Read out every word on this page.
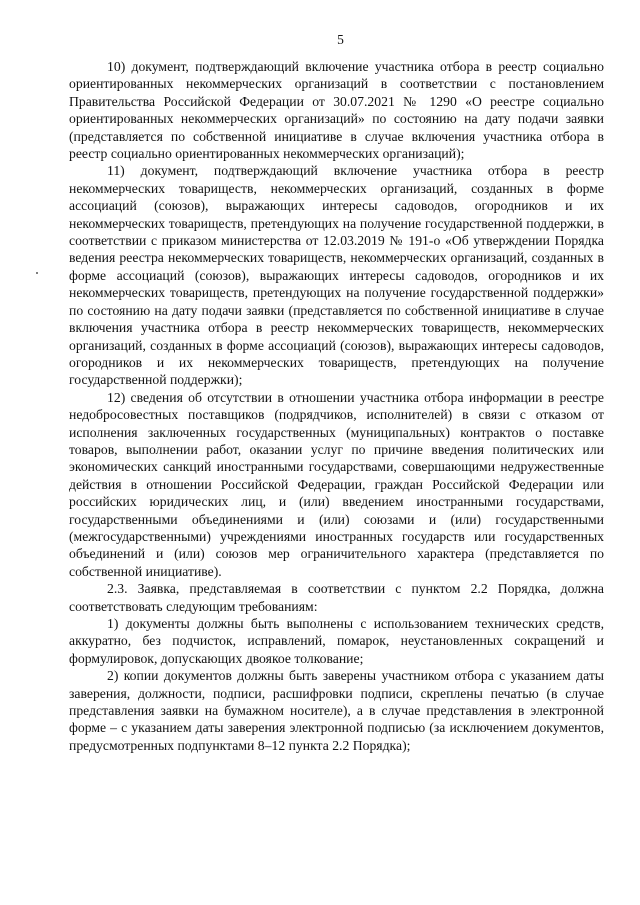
5

10) документ, подтверждающий включение участника отбора в реестр социально ориентированных некоммерческих организаций в соответствии с постановлением Правительства Российской Федерации от 30.07.2021 № 1290 «О реестре социально ориентированных некоммерческих организаций» по состоянию на дату подачи заявки (представляется по собственной инициативе в случае включения участника отбора в реестр социально ориентированных некоммерческих организаций);

11) документ, подтверждающий включение участника отбора в реестр некоммерческих товариществ, некоммерческих организаций, созданных в форме ассоциаций (союзов), выражающих интересы садоводов, огородников и их некоммерческих товариществ, претендующих на получение государственной поддержки, в соответствии с приказом министерства от 12.03.2019 № 191-о «Об утверждении Порядка ведения реестра некоммерческих товариществ, некоммерческих организаций, созданных в форме ассоциаций (союзов), выражающих интересы садоводов, огородников и их некоммерческих товариществ, претендующих на получение государственной поддержки» по состоянию на дату подачи заявки (представляется по собственной инициативе в случае включения участника отбора в реестр некоммерческих товариществ, некоммерческих организаций, созданных в форме ассоциаций (союзов), выражающих интересы садоводов, огородников и их некоммерческих товариществ, претендующих на получение государственной поддержки);

12) сведения об отсутствии в отношении участника отбора информации в реестре недобросовестных поставщиков (подрядчиков, исполнителей) в связи с отказом от исполнения заключенных государственных (муниципальных) контрактов о поставке товаров, выполнении работ, оказании услуг по причине введения политических или экономических санкций иностранными государствами, совершающими недружественные действия в отношении Российской Федерации, граждан Российской Федерации или российских юридических лиц, и (или) введением иностранными государствами, государственными объединениями и (или) союзами и (или) государственными (межгосударственными) учреждениями иностранных государств или государственных объединений и (или) союзов мер ограничительного характера (представляется по собственной инициативе).

2.3. Заявка, представляемая в соответствии с пунктом 2.2 Порядка, должна соответствовать следующим требованиям:

1) документы должны быть выполнены с использованием технических средств, аккуратно, без подчисток, исправлений, помарок, неустановленных сокращений и формулировок, допускающих двоякое толкование;

2) копии документов должны быть заверены участником отбора с указанием даты заверения, должности, подписи, расшифровки подписи, скреплены печатью (в случае представления заявки на бумажном носителе), а в случае представления в электронной форме – с указанием даты заверения электронной подписью (за исключением документов, предусмотренных подпунктами 8–12 пункта 2.2 Порядка);
